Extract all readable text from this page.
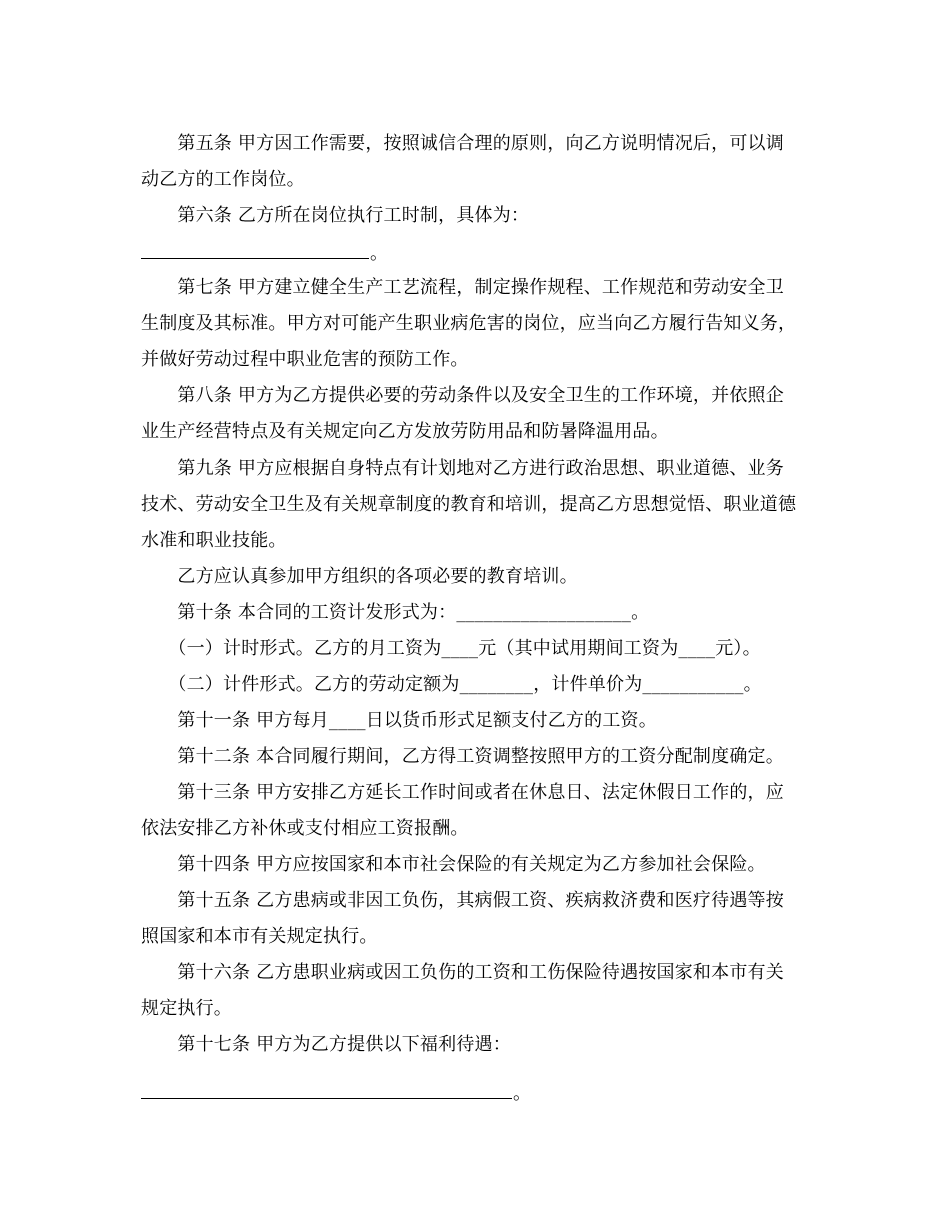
　　第五条 甲方因工作需要，按照诚信合理的原则，向乙方说明情况后，可以调
动乙方的工作岗位。
　　第六条 乙方所在岗位执行工时制，具体为：
。
　　第七条 甲方建立健全生产工艺流程，制定操作规程、工作规范和劳动安全卫
生制度及其标准。甲方对可能产生职业病危害的岗位，应当向乙方履行告知义务，
并做好劳动过程中职业危害的预防工作。
　　第八条 甲方为乙方提供必要的劳动条件以及安全卫生的工作环境，并依照企
业生产经营特点及有关规定向乙方发放劳防用品和防暑降温用品。
　　第九条 甲方应根据自身特点有计划地对乙方进行政治思想、职业道德、业务
技术、劳动安全卫生及有关规章制度的教育和培训，提高乙方思想觉悟、职业道德
水准和职业技能。
　　乙方应认真参加甲方组织的各项必要的教育培训。
　　第十条 本合同的工资计发形式为：___________________。
　　（一）计时形式。乙方的月工资为____元（其中试用期间工资为____元）。
　　（二）计件形式。乙方的劳动定额为________，计件单价为___________。
　　第十一条 甲方每月____日以货币形式足额支付乙方的工资。
　　第十二条 本合同履行期间，乙方得工资调整按照甲方的工资分配制度确定。
　　第十三条 甲方安排乙方延长工作时间或者在休息日、法定休假日工作的，应
依法安排乙方补休或支付相应工资报酬。
　　第十四条 甲方应按国家和本市社会保险的有关规定为乙方参加社会保险。
　　第十五条 乙方患病或非因工负伤，其病假工资、疾病救济费和医疗待遇等按
照国家和本市有关规定执行。
　　第十六条 乙方患职业病或因工负伤的工资和工伤保险待遇按国家和本市有关
规定执行。
　　第十七条 甲方为乙方提供以下福利待遇：
。
